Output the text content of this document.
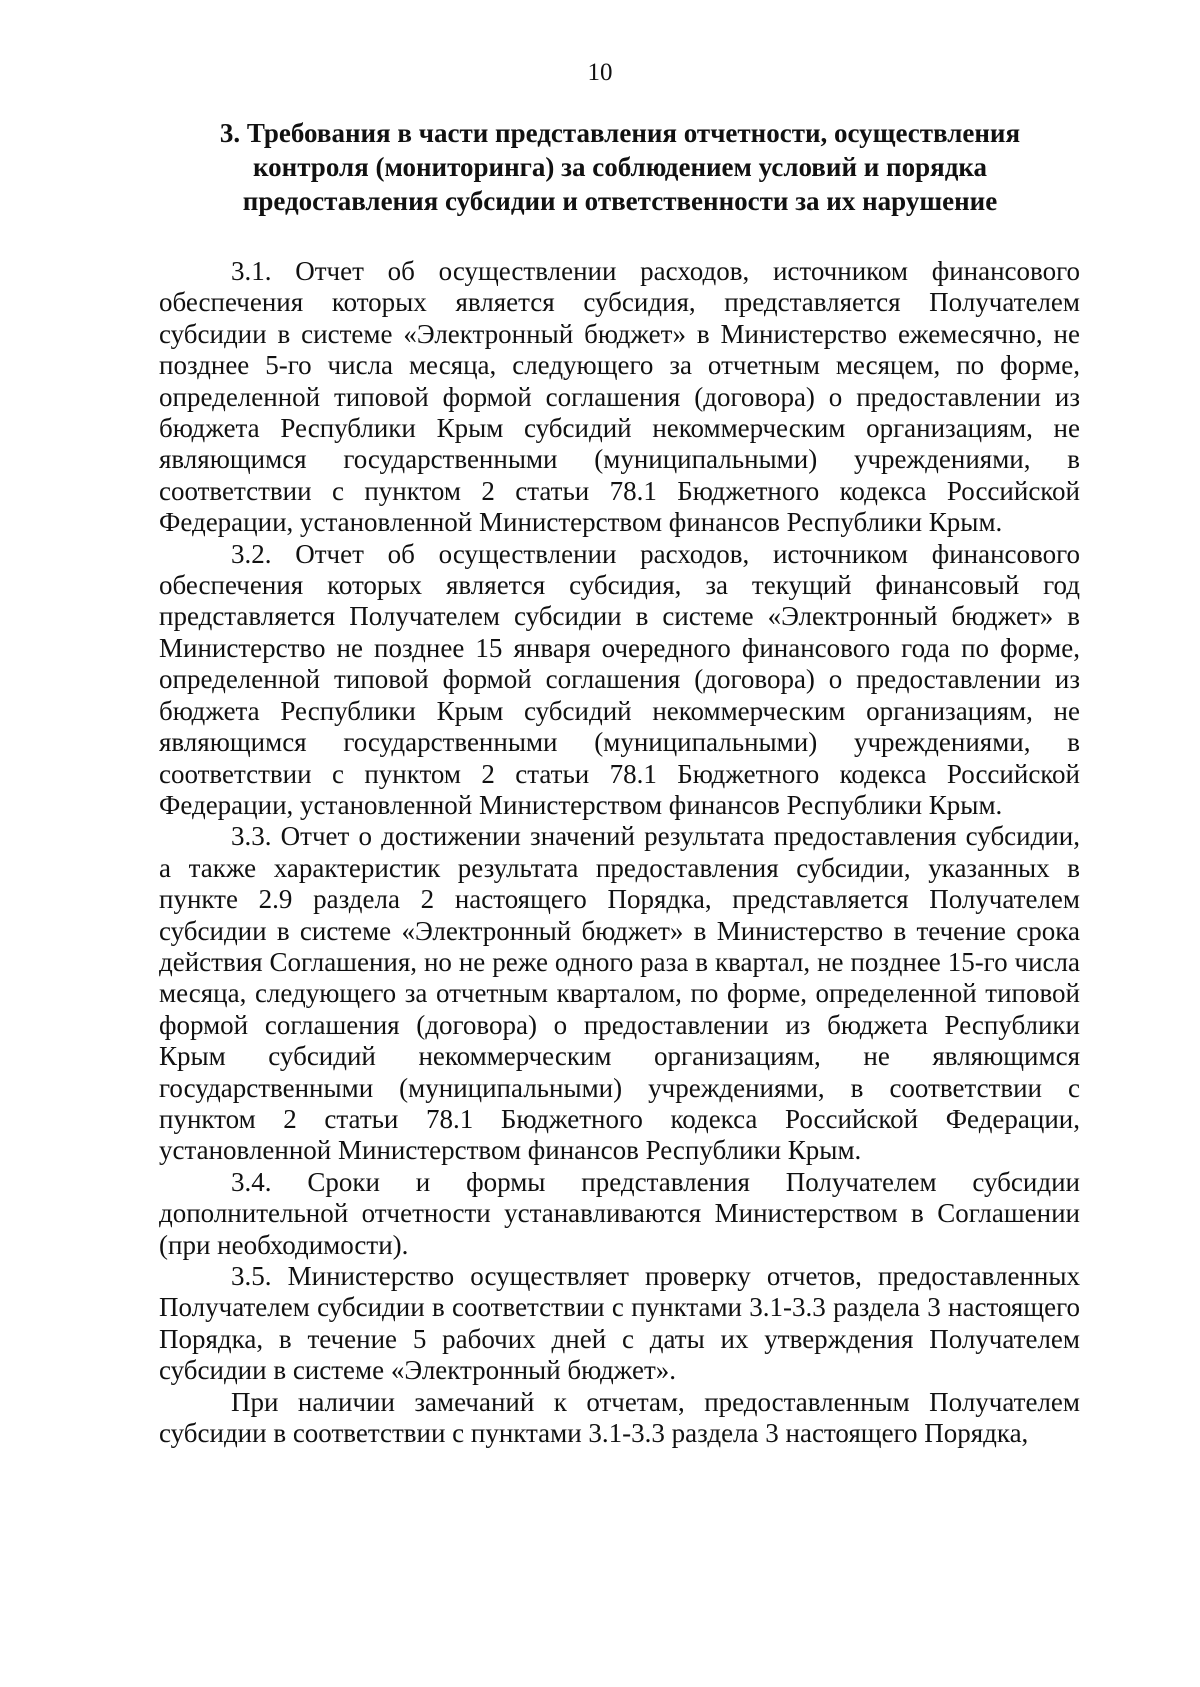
10
3. Требования в части представления отчетности, осуществления контроля (мониторинга) за соблюдением условий и порядка предоставления субсидии и ответственности за их нарушение

3.1. Отчет об осуществлении расходов, источником финансового обеспечения которых является субсидия, представляется Получателем субсидии в системе «Электронный бюджет» в Министерство ежемесячно, не позднее 5-го числа месяца, следующего за отчетным месяцем, по форме, определенной типовой формой соглашения (договора) о предоставлении из бюджета Республики Крым субсидий некоммерческим организациям, не являющимся государственными (муниципальными) учреждениями, в соответствии с пунктом 2 статьи 78.1 Бюджетного кодекса Российской Федерации, установленной Министерством финансов Республики Крым.

3.2. Отчет об осуществлении расходов, источником финансового обеспечения которых является субсидия, за текущий финансовый год представляется Получателем субсидии в системе «Электронный бюджет» в Министерство не позднее 15 января очередного финансового года по форме, определенной типовой формой соглашения (договора) о предоставлении из бюджета Республики Крым субсидий некоммерческим организациям, не являющимся государственными (муниципальными) учреждениями, в соответствии с пунктом 2 статьи 78.1 Бюджетного кодекса Российской Федерации, установленной Министерством финансов Республики Крым.

3.3. Отчет о достижении значений результата предоставления субсидии, а также характеристик результата предоставления субсидии, указанных в пункте 2.9 раздела 2 настоящего Порядка, представляется Получателем субсидии в системе «Электронный бюджет» в Министерство в течение срока действия Соглашения, но не реже одного раза в квартал, не позднее 15-го числа месяца, следующего за отчетным кварталом, по форме, определенной типовой формой соглашения (договора) о предоставлении из бюджета Республики Крым субсидий некоммерческим организациям, не являющимся государственными (муниципальными) учреждениями, в соответствии с пунктом 2 статьи 78.1 Бюджетного кодекса Российской Федерации, установленной Министерством финансов Республики Крым.

3.4. Сроки и формы представления Получателем субсидии дополнительной отчетности устанавливаются Министерством в Соглашении (при необходимости).

3.5. Министерство осуществляет проверку отчетов, предоставленных Получателем субсидии в соответствии с пунктами 3.1-3.3 раздела 3 настоящего Порядка, в течение 5 рабочих дней с даты их утверждения Получателем субсидии в системе «Электронный бюджет».

При наличии замечаний к отчетам, предоставленным Получателем субсидии в соответствии с пунктами 3.1-3.3 раздела 3 настоящего Порядка,
